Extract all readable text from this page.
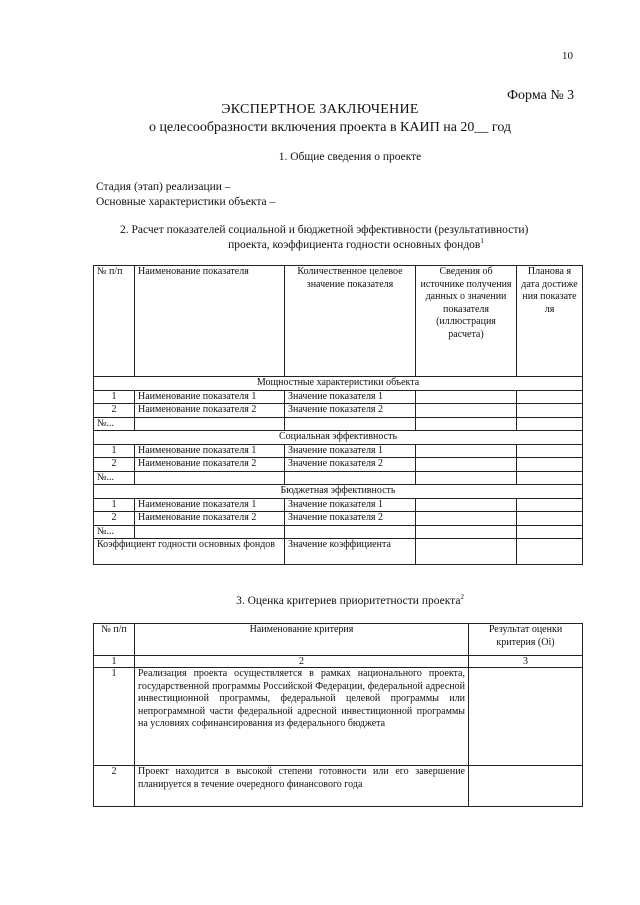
10
Форма № 3
ЭКСПЕРТНОЕ ЗАКЛЮЧЕНИЕ
о целесообразности включения проекта в КАИП на 20__ год
1. Общие сведения о проекте
Стадия (этап) реализации –
Основные характеристики объекта –
2. Расчет показателей социальной и бюджетной эффективности (результативности)
проекта, коэффициента годности основных фондов$^1$
№ п/п	Наименование показателя	Количественное целевое значение показателя	Сведения об источнике получения данных о значении показателя (иллюстрация расчета)	Планова я дата достиже ния показате ля
Мощностные характеристики объекта				
1	Наименование показателя 1	Значение показателя 1		
2	Наименование показателя 2	Значение показателя 2		
№...				
Социальная эффективность				
1	Наименование показателя 1	Значение показателя 1		
2	Наименование показателя 2	Значение показателя 2		
№...				
Бюджетная эффективность				
1	Наименование показателя 1	Значение показателя 1		
2	Наименование показателя 2	Значение показателя 2		
№...				
Коэффициент годности основных фондов		Значение коэффициента		
3. Оценка критериев приоритетности проекта$^2$
№ п/п	Наименование критерия	Результат оценки критерия (Oi)
1	2	3
1	Реализация проекта осуществляется в рамках национального проекта, государственной программы Российской Федерации, федеральной адресной инвестиционной программы, федеральной целевой программы или непрограммной части федеральной адресной инвестиционной программы на условиях софинансирования из федерального бюджета	
2	Проект находится в высокой степени готовности или его завершение планируется в течение очередного финансового года	
